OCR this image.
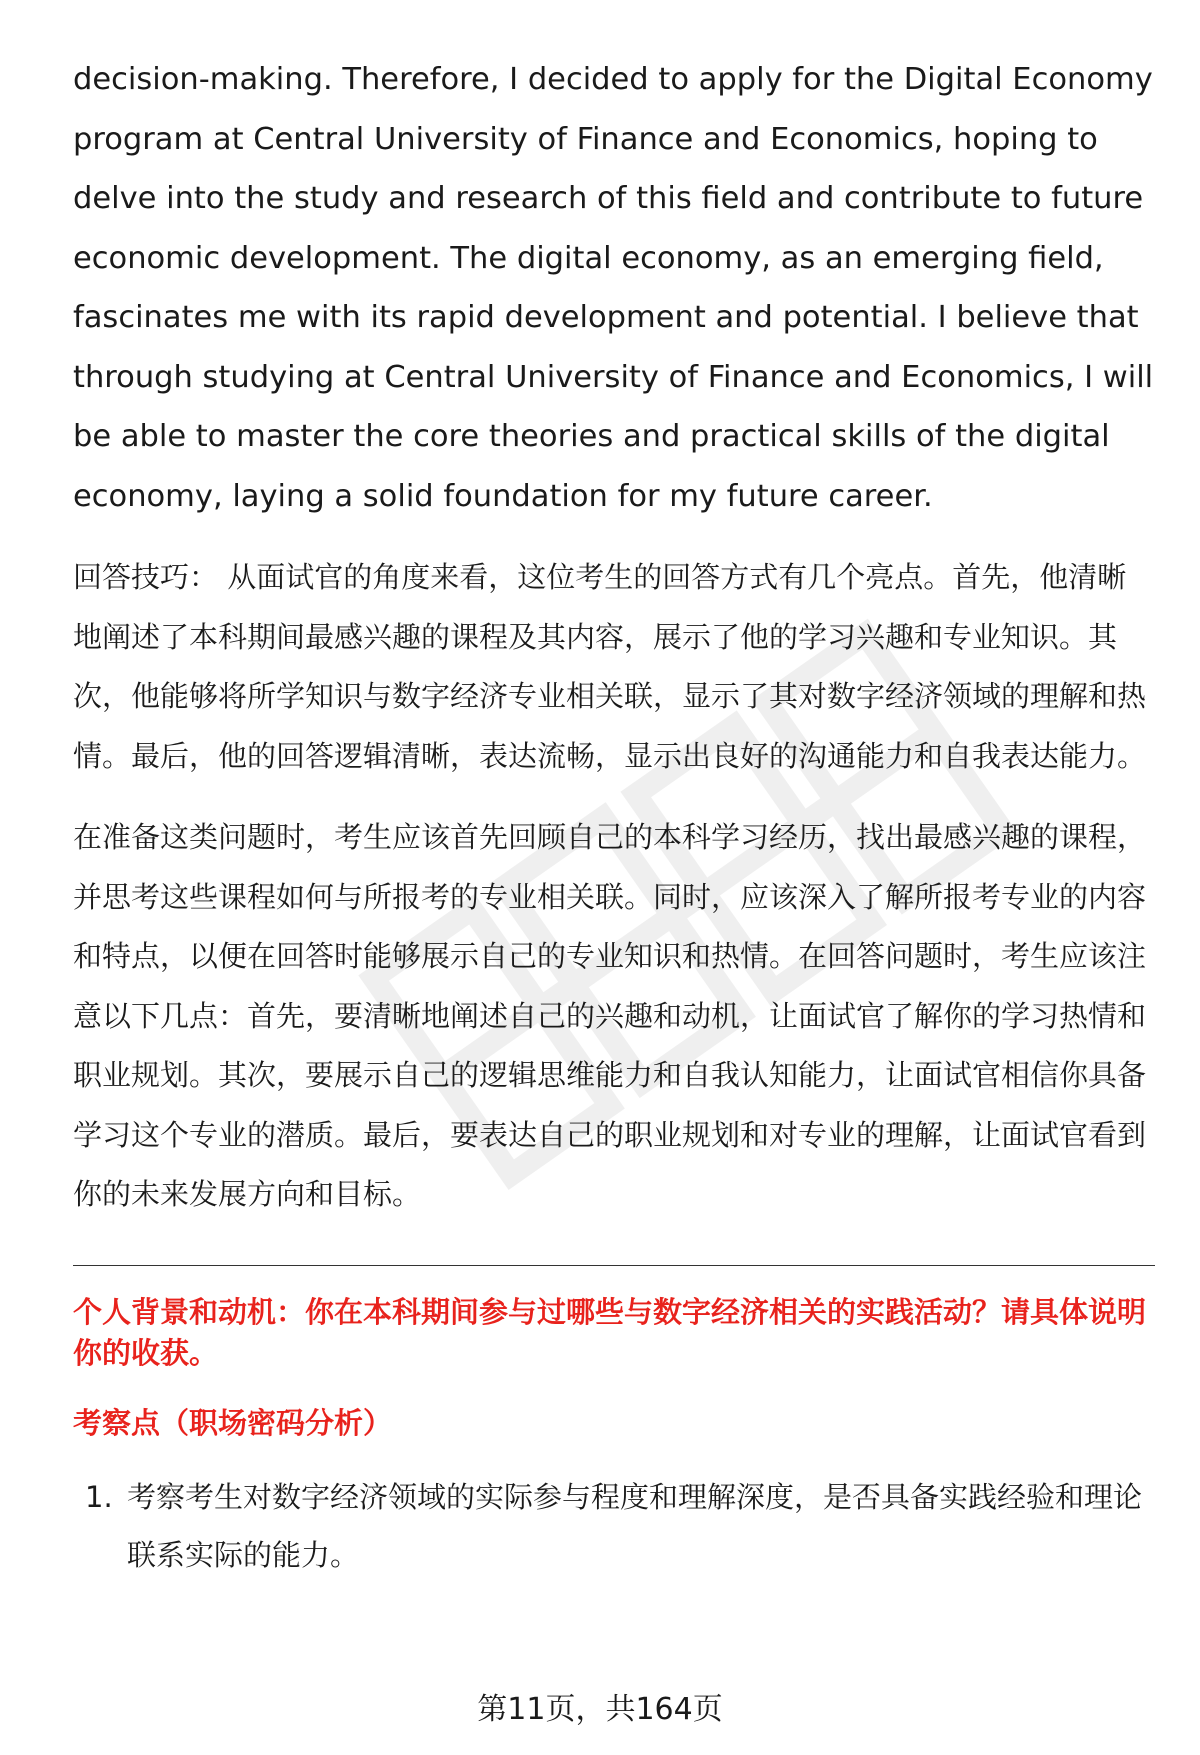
decision-making. Therefore, I decided to apply for the Digital Economy program at Central University of Finance and Economics, hoping to delve into the study and research of this field and contribute to future economic development. The digital economy, as an emerging field, fascinates me with its rapid development and potential. I believe that through studying at Central University of Finance and Economics, I will be able to master the core theories and practical skills of the digital economy, laying a solid foundation for my future career.

回答技巧： 从面试官的角度来看，这位考生的回答方式有几个亮点。首先，他清晰地阐述了本科期间最感兴趣的课程及其内容，展示了他的学习兴趣和专业知识。其次，他能够将所学知识与数字经济专业相关联，显示了其对数字经济领域的理解和热情。最后，他的回答逻辑清晰，表达流畅，显示出良好的沟通能力和自我表达能力。

在准备这类问题时，考生应该首先回顾自己的本科学习经历，找出最感兴趣的课程，并思考这些课程如何与所报考的专业相关联。同时，应该深入了解所报考专业的内容和特点，以便在回答时能够展示自己的专业知识和热情。在回答问题时，考生应该注意以下几点：首先，要清晰地阐述自己的兴趣和动机，让面试官了解你的学习热情和职业规划。其次，要展示自己的逻辑思维能力和自我认知能力，让面试官相信你具备学习这个专业的潜质。最后，要表达自己的职业规划和对专业的理解，让面试官看到你的未来发展方向和目标。

个人背景和动机：你在本科期间参与过哪些与数字经济相关的实践活动？请具体说明你的收获。

考察点（职场密码分析）

1. 考察考生对数字经济领域的实际参与程度和理解深度，是否具备实践经验和理论联系实际的能力。
第11页，共164页
